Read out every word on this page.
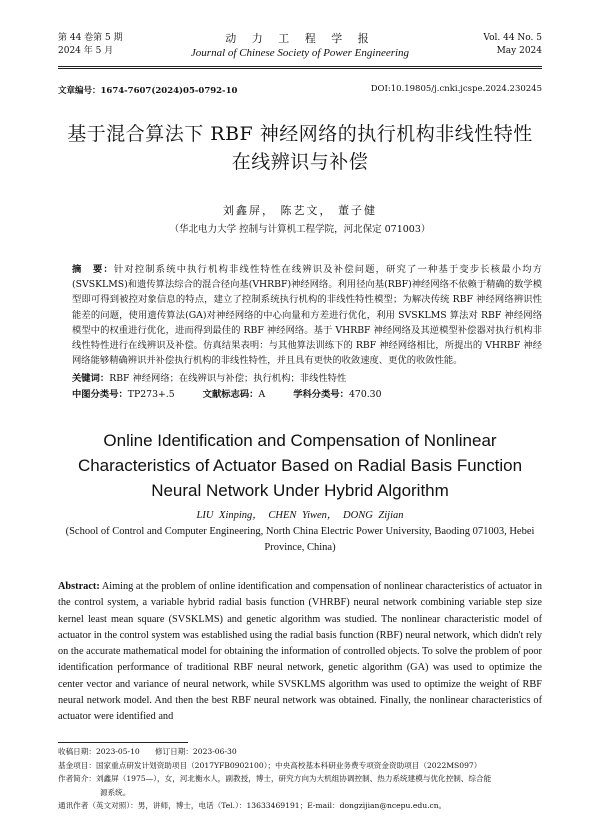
第 44 卷第 5 期
2024 年 5 月
动 力 工 程 学 报
Journal of Chinese Society of Power Engineering
Vol. 44 No. 5
May 2024
文章编号：1674-7607(2024)05-0792-10	DOI:10.19805/j.cnki.jcspe.2024.230245
基于混合算法下 RBF 神经网络的执行机构非线性特性在线辨识与补偿
刘鑫屏， 陈艺文， 董子健
（华北电力大学 控制与计算机工程学院，河北保定 071003）
摘　要：针对控制系统中执行机构非线性特性在线辨识及补偿问题，研究了一种基于变步长核最小均方(SVSKLMS)和遗传算法综合的混合径向基(VHRBF)神经网络。利用径向基(RBF)神经网络不依赖于精确的数学模型即可得到被控对象信息的特点，建立了控制系统执行机构的非线性特性模型；为解决传统 RBF 神经网络辨识性能差的问题，使用遗传算法(GA)对神经网络的中心向量和方差进行优化，利用 SVSKLMS 算法对 RBF 神经网络模型中的权重进行优化，进而得到最佳的 RBF 神经网络。基于 VHRBF 神经网络及其逆模型补偿器对执行机构非线性特性进行在线辨识及补偿。仿真结果表明：与其他算法训练下的 RBF 神经网络相比，所提出的 VHRBF 神经网络能够精确辨识并补偿执行机构的非线性特性，并且具有更快的收敛速度、更优的收敛性能。
关键词：RBF 神经网络；在线辨识与补偿；执行机构；非线性特性
中图分类号：TP273+.5	文献标志码：A	学科分类号：470.30
Online Identification and Compensation of Nonlinear Characteristics of Actuator Based on Radial Basis Function Neural Network Under Hybrid Algorithm
LIU Xinping， CHEN Yiwen， DONG Zijian
(School of Control and Computer Engineering, North China Electric Power University, Baoding 071003, Hebei Province, China)
Abstract: Aiming at the problem of online identification and compensation of nonlinear characteristics of actuator in the control system, a variable hybrid radial basis function (VHRBF) neural network combining variable step size kernel least mean square (SVSKLMS) and genetic algorithm was studied. The nonlinear characteristic model of actuator in the control system was established using the radial basis function (RBF) neural network, which didn't rely on the accurate mathematical model for obtaining the information of controlled objects. To solve the problem of poor identification performance of traditional RBF neural network, genetic algorithm (GA) was used to optimize the center vector and variance of neural network, while SVSKLMS algorithm was used to optimize the weight of RBF neural network model. And then the best RBF neural network was obtained. Finally, the nonlinear characteristics of actuator were identified and
收稿日期：2023-05-10　　修订日期：2023-06-30
基金项目：国家重点研发计划资助项目（2017YFB0902100）；中央高校基本科研业务费专项资金资助项目（2022MS097）
作者简介：刘鑫屏（1975—），女，河北衡水人，副教授，博士，研究方向为大机组协调控制、热力系统建模与优化控制、综合能
源系统。
通讯作者（英文对照）：男，讲师，博士，电话（Tel.）：13633469191；E-mail：dongzijian@ncepu.edu.cn。
